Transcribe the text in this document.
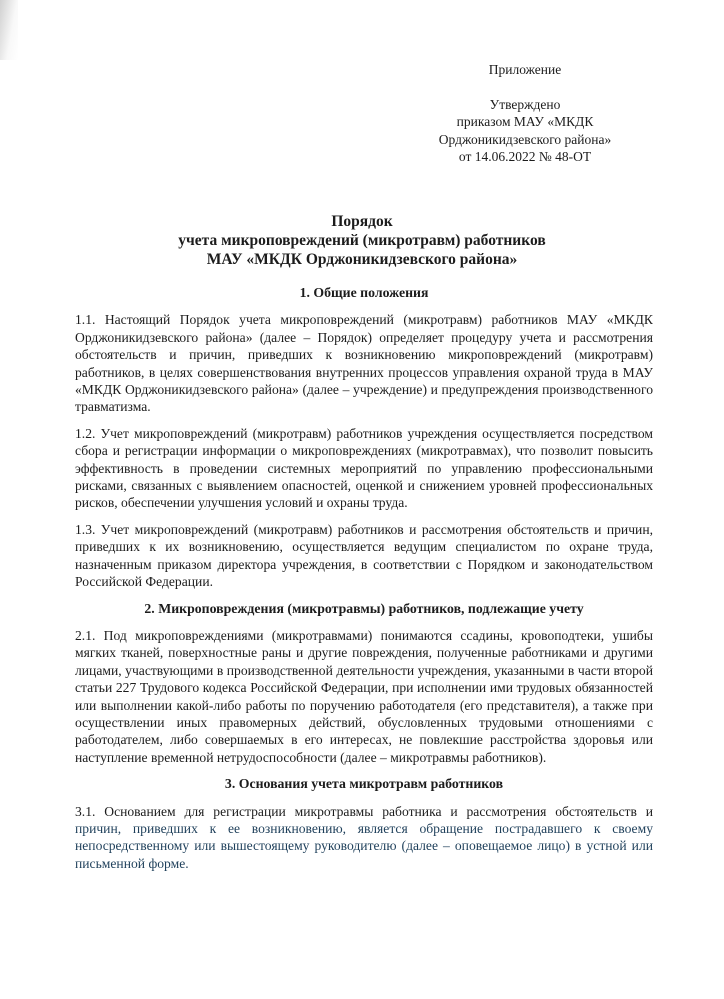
Приложение
Утверждено
приказом МАУ «МКДК
Орджоникидзевского района»
от 14.06.2022 № 48-ОТ
Порядок
учета микроповреждений (микротравм) работников
МАУ «МКДК Орджоникидзевского района»
1. Общие положения

1.1. Настоящий Порядок учета микроповреждений (микротравм) работников МАУ «МКДК Орджоникидзевского района» (далее – Порядок) определяет процедуру учета и рассмотрения обстоятельств и причин, приведших к возникновению микроповреждений (микротравм) работников, в целях совершенствования внутренних процессов управления охраной труда в МАУ «МКДК Орджоникидзевского района» (далее – учреждение) и предупреждения производственного травматизма.

1.2. Учет микроповреждений (микротравм) работников учреждения осуществляется посредством сбора и регистрации информации о микроповреждениях (микротравмах), что позволит повысить эффективность в проведении системных мероприятий по управлению профессиональными рисками, связанных с выявлением опасностей, оценкой и снижением уровней профессиональных рисков, обеспечении улучшения условий и охраны труда.

1.3. Учет микроповреждений (микротравм) работников и рассмотрения обстоятельств и причин, приведших к их возникновению, осуществляется ведущим специалистом по охране труда, назначенным приказом директора учреждения, в соответствии с Порядком и законодательством Российской Федерации.

2. Микроповреждения (микротравмы) работников, подлежащие учету

2.1. Под микроповреждениями (микротравмами) понимаются ссадины, кровоподтеки, ушибы мягких тканей, поверхностные раны и другие повреждения, полученные работниками и другими лицами, участвующими в производственной деятельности учреждения, указанными в части второй статьи 227 Трудового кодекса Российской Федерации, при исполнении ими трудовых обязанностей или выполнении какой-либо работы по поручению работодателя (его представителя), а также при осуществлении иных правомерных действий, обусловленных трудовыми отношениями с работодателем, либо совершаемых в его интересах, не повлекшие расстройства здоровья или наступление временной нетрудоспособности (далее – микротравмы работников).

3. Основания учета микротравм работников

3.1. Основанием для регистрации микротравмы работника и рассмотрения обстоятельств и причин, приведших к ее возникновению, является обращение пострадавшего к своему непосредственному или вышестоящему руководителю (далее – оповещаемое лицо) в устной или письменной форме.
